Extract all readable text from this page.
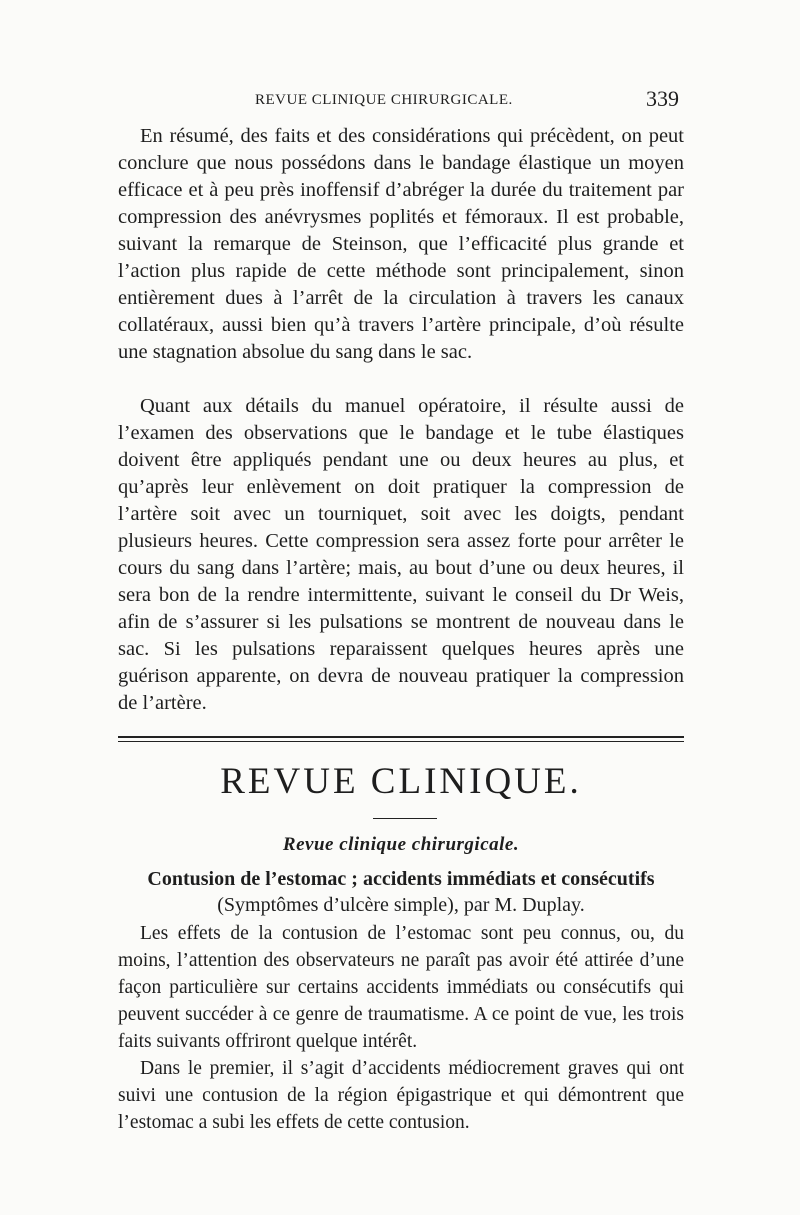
REVUE CLINIQUE CHIRURGICALE.	339

En résumé, des faits et des considérations qui précèdent, on peut conclure que nous possédons dans le bandage élastique un moyen efficace et à peu près inoffensif d’abréger la durée du traitement par compression des anévrysmes poplités et fémoraux. Il est probable, suivant la remarque de Steinson, que l’efficacité plus grande et l’action plus rapide de cette méthode sont principalement, sinon entièrement dues à l’arrêt de la circulation à travers les canaux collatéraux, aussi bien qu’à travers l’artère principale, d’où résulte une stagnation absolue du sang dans le sac.

Quant aux détails du manuel opératoire, il résulte aussi de l’examen des observations que le bandage et le tube élastiques doivent être appliqués pendant une ou deux heures au plus, et qu’après leur enlèvement on doit pratiquer la compression de l’artère soit avec un tourniquet, soit avec les doigts, pendant plusieurs heures. Cette compression sera assez forte pour arrêter le cours du sang dans l’artère; mais, au bout d’une ou deux heures, il sera bon de la rendre intermittente, suivant le conseil du Dr Weis, afin de s’assurer si les pulsations se montrent de nouveau dans le sac. Si les pulsations reparaissent quelques heures après une guérison apparente, on devra de nouveau pratiquer la compression de l’artère.

REVUE CLINIQUE.
Revue clinique chirurgicale.
Contusion de l’estomac ; accidents immédiats et consécutifs
(Symptômes d’ulcère simple), par M. Duplay.

Les effets de la contusion de l’estomac sont peu connus, ou, du moins, l’attention des observateurs ne paraît pas avoir été attirée d’une façon particulière sur certains accidents immédiats ou consécutifs qui peuvent succéder à ce genre de traumatisme. A ce point de vue, les trois faits suivants offriront quelque intérêt.

Dans le premier, il s’agit d’accidents médiocrement graves qui ont suivi une contusion de la région épigastrique et qui démontrent que l’estomac a subi les effets de cette contusion.
